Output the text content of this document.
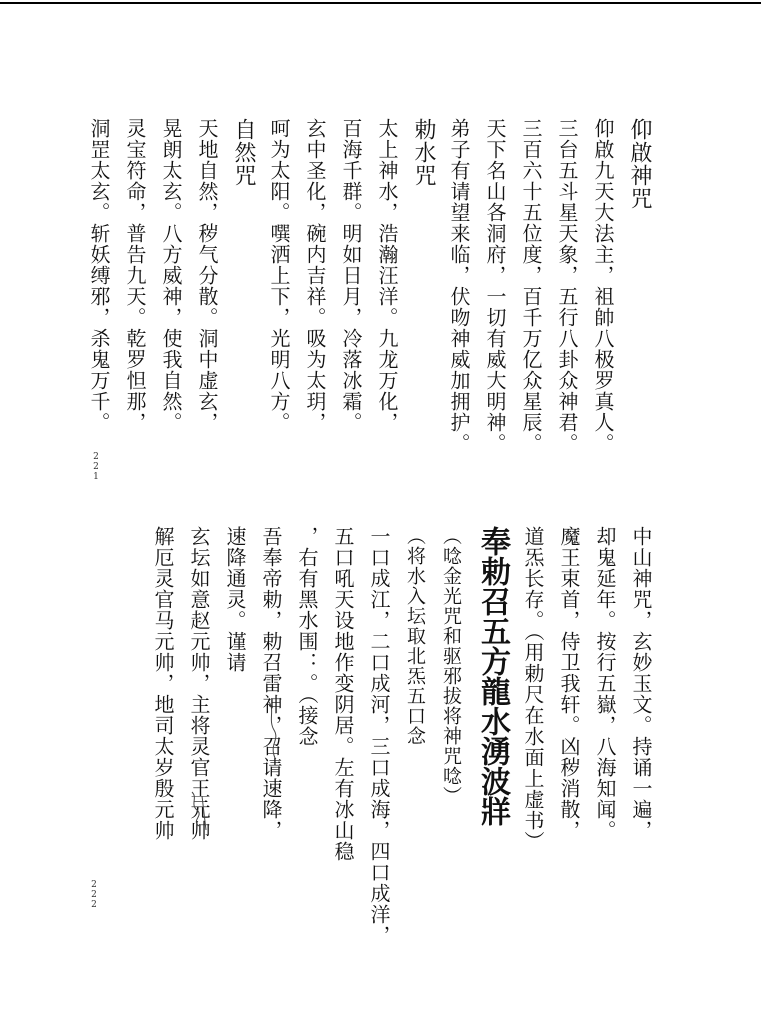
仰啟神咒
仰啟九天大法主，祖帥八极罗真人。
三台五斗星天象，五行八卦众神君。
三百六十五位度，百千万亿众星辰。
天下名山各洞府，一切有威大明神。
弟子有请望来临，伏吻神威加拥护。
勅水咒
太上神水，浩瀚汪洋。九龙万化，
百海千群。明如日月，冷落冰霜。
玄中圣化，碗内吉祥。吸为太玥，
呵为太阳。噀洒上下，光明八方。
自然咒
天地自然，秽气分散。洞中虚玄，
晃朗太玄。八方威神，使我自然。
灵宝符命，普告九天。乾罗怛那，
洞罡太玄。斩妖缚邪，杀鬼万千。
中山神咒，玄妙玉文。持诵一遍，
却鬼延年。按行五嶽，八海知闻。
魔王束首，侍卫我轩。凶秽消散，
道炁长存。（用勅尺在水面上虚书）
奉勅召五方龍水湧波牂
（唸金光咒和驱邪拔将神咒唸）
（将水入坛取北炁五口念
一口成江，二口成河，三口成海，四口成洋，
五口吼天设地作变阴居。左有冰山稳
，右有黑水围：。（接念
吾奉帝勅，勅召雷神，召请速降，
速降通灵。谨请
玄坛如意赵元帅，主将灵官王元帅
解厄灵官马元帅，地司太岁殷元帅
221
222
